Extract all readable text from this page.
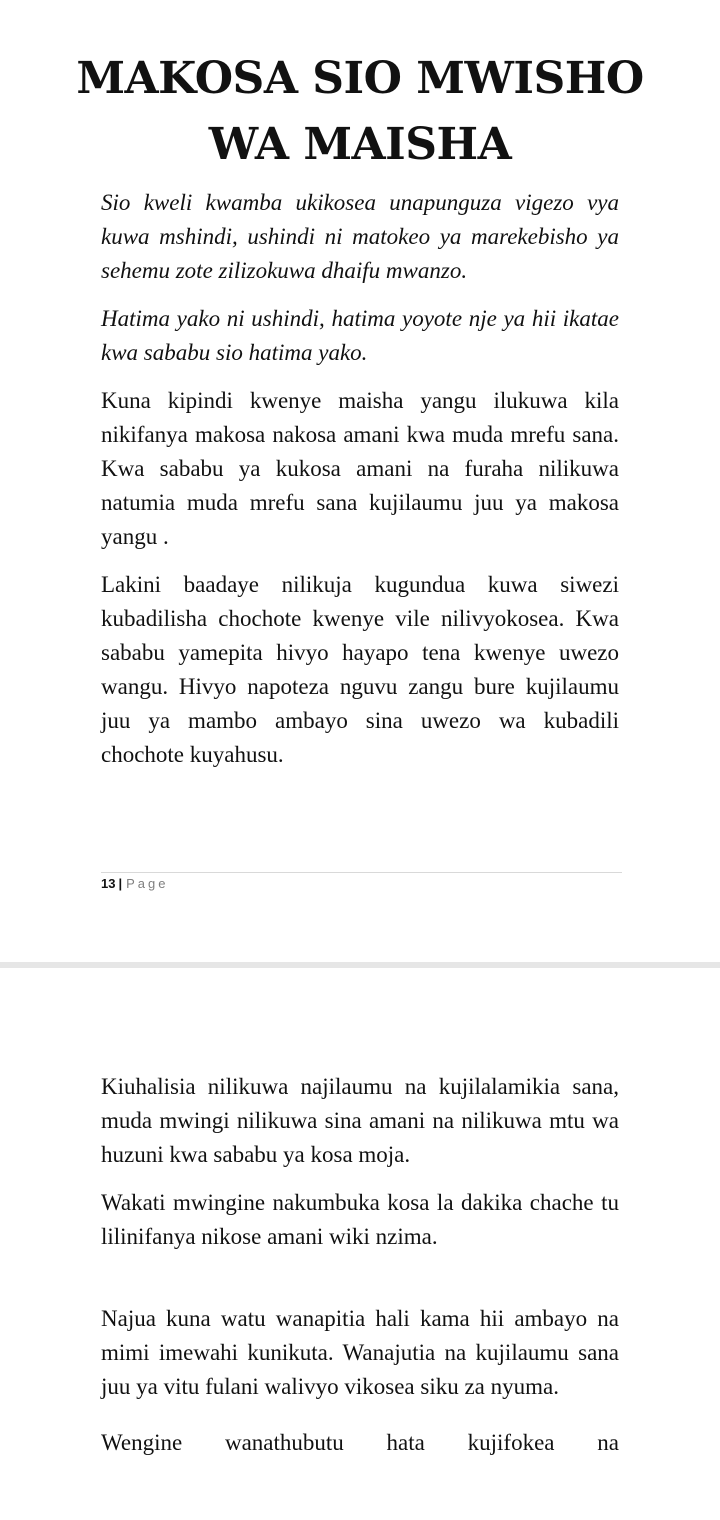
MAKOSA SIO MWISHO WA MAISHA

Sio kweli kwamba ukikosea unapunguza vigezo vya kuwa mshindi, ushindi ni matokeo ya marekebisho ya sehemu zote zilizokuwa dhaifu mwanzo.

Hatima yako ni ushindi, hatima yoyote nje ya hii ikatae kwa sababu sio hatima yako.

Kuna kipindi kwenye maisha yangu ilukuwa kila nikifanya makosa nakosa amani kwa muda mrefu sana. Kwa sababu ya kukosa amani na furaha nilikuwa natumia muda mrefu sana kujilaumu juu ya makosa yangu .

Lakini baadaye nilikuja kugundua kuwa siwezi kubadilisha chochote kwenye vile nilivyokosea. Kwa sababu yamepita hivyo hayapo tena kwenye uwezo wangu. Hivyo napoteza nguvu zangu bure kujilaumu juu ya mambo ambayo sina uwezo wa kubadili chochote kuyahusu.

13 | Page

Kiuhalisia nilikuwa najilaumu na kujilalamikia sana, muda mwingi nilikuwa sina amani na nilikuwa mtu wa huzuni kwa sababu ya kosa moja.

Wakati mwingine nakumbuka kosa la dakika chache tu lilinifanya nikose amani wiki nzima.

Najua kuna watu wanapitia hali kama hii ambayo na mimi imewahi kunikuta. Wanajutia na kujilaumu sana juu ya vitu fulani walivyo vikosea siku za nyuma.

Wengine wanathubutu hata kujifokea na
